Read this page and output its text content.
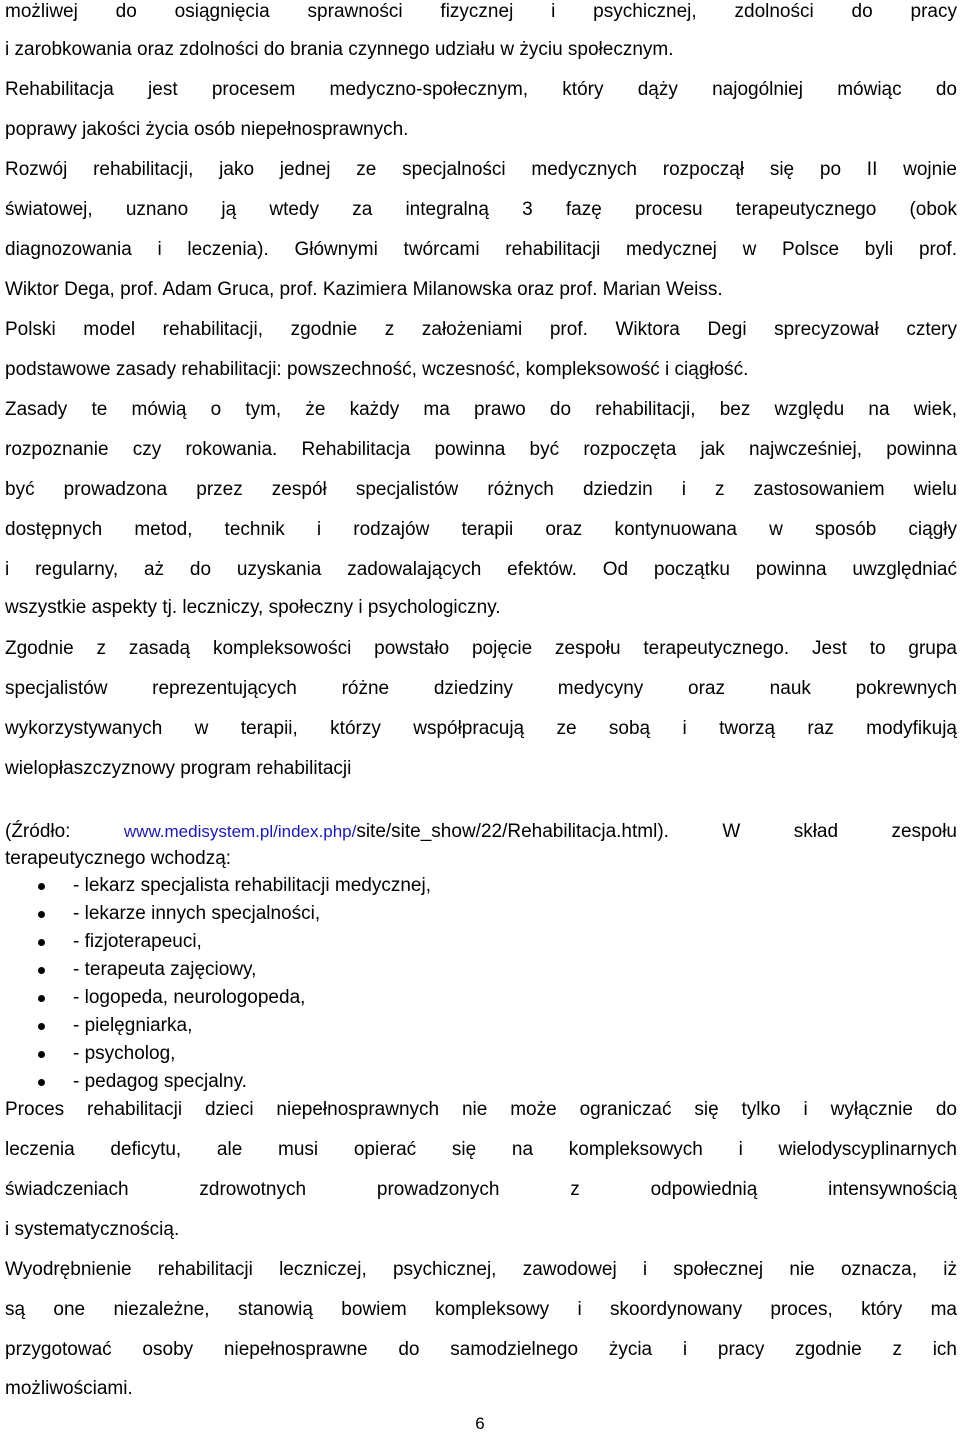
możliwej do osiągnięcia sprawności fizycznej i psychicznej, zdolności do pracy
i zarobkowania oraz zdolności do brania czynnego udziału w życiu społecznym.
Rehabilitacja jest procesem medyczno-społecznym, który dąży najogólniej mówiąc do
poprawy jakości życia osób niepełnosprawnych.
Rozwój rehabilitacji, jako jednej ze specjalności medycznych rozpoczął się po II wojnie
światowej, uznano ją wtedy za integralną 3 fazę procesu terapeutycznego (obok
diagnozowania i leczenia). Głównymi twórcami rehabilitacji medycznej w Polsce byli prof.
Wiktor Dega, prof. Adam Gruca, prof. Kazimiera Milanowska oraz prof. Marian Weiss.
Polski model rehabilitacji, zgodnie z założeniami prof. Wiktora Degi sprecyzował cztery
podstawowe zasady rehabilitacji: powszechność, wczesność, kompleksowość i ciągłość.
Zasady te mówią o tym, że każdy ma prawo do rehabilitacji, bez względu na wiek,
rozpoznanie czy rokowania. Rehabilitacja powinna być rozpoczęta jak najwcześniej, powinna
być prowadzona przez zespół specjalistów różnych dziedzin i z zastosowaniem wielu
dostępnych metod, technik i rodzajów terapii oraz kontynuowana w sposób ciągły
i regularny, aż do uzyskania zadowalających efektów. Od początku powinna uwzględniać
wszystkie aspekty tj. leczniczy, społeczny i psychologiczny.
Zgodnie z zasadą kompleksowości powstało pojęcie zespołu terapeutycznego. Jest to grupa
specjalistów reprezentujących różne dziedziny medycyny oraz nauk pokrewnych
wykorzystywanych w terapii, którzy współpracują ze sobą i tworzą raz modyfikują
wielopłaszczyznowy program rehabilitacji
(Źródło: www.medisystem.pl/index.php/site/site_show/22/Rehabilitacja.html). W skład zespołu
terapeutycznego wchodzą:
- lekarz specjalista rehabilitacji medycznej,
- lekarze innych specjalności,
- fizjoterapeuci,
- terapeuta zajęciowy,
- logopeda, neurologopeda,
- pielęgniarka,
- psycholog,
- pedagog specjalny.
Proces rehabilitacji dzieci niepełnosprawnych nie może ograniczać się tylko i wyłącznie do
leczenia deficytu, ale musi opierać się na kompleksowych i wielodyscyplinarnych
świadczeniach zdrowotnych prowadzonych z odpowiednią intensywnością
i systematycznością.
Wyodrębnienie rehabilitacji leczniczej, psychicznej, zawodowej i społecznej nie oznacza, iż
są one niezależne, stanowią bowiem kompleksowy i skoordynowany proces, który ma
przygotować osoby niepełnosprawne do samodzielnego życia i pracy zgodnie z ich
możliwościami.
6
